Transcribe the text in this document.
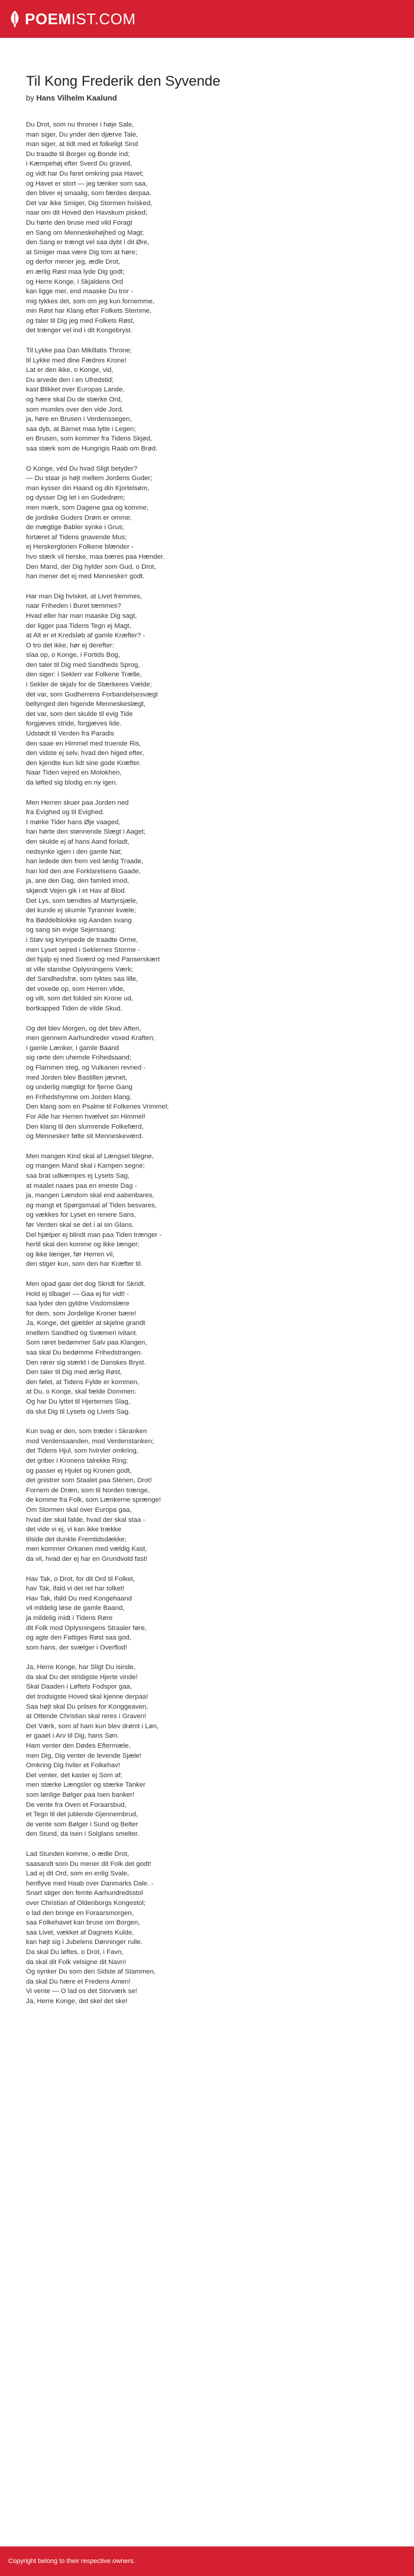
POEMIST.COM
Til Kong Frederik den Syvende

by Hans Vilhelm Kaalund

Du Drot, som nu throner i høje Sale,
man siger, Du ynder den djærve Tale,
man siger, at tidt med et folkeligt Sind
Du traadte til Borger og Bonde ind;
i Kæmpehøj efter Sverd Du graved,
og vidt har Du faret omkring paa Havet;
og Havet er stort — jeg tænker som saa,
den bliver ej smaalig, som færdes derpaa.
Det var ikke Smiger, Dig Stormen hvisked,
naar om dit Hoved den Havskum pisked;
Du hørte den bruse med vild Foragt
en Sang om Menneskehøjhed og Magt;
den Sang er trængt vel saa dybt i dit Øre,
at Smiger maa være Dig tom at høre;
og derfor mener jeg, ædle Drot,
en ærlig Røst maa lyde Dig godt;
og Herre Konge, i Skjaldens Ord
kan ligge mer, end maaske Du tror -
mig tykkes det, som om jeg kun fornemme,
min Røst har Klang efter Folkets Stemme,
og taler til Dig jeg med Folkets Røst,
det trænger vel ind i dit Kongebryst.

Til Lykke paa Dan Mikillatis Throne;
til Lykke med dine Fædres Krone!
Lat er den ikke, o Konge, vid,
Du arvede den i en Ufredstid;
kast Blikket over Europas Lande,
og hære skal Du de stærke Ord,
som mumles over den vide Jord,
ja, høre en Brusen i Verdenssegen,
saa dyb, at Barnet maa lytte i Legen;
en Brusen, som kommer fra Tidens Skjød,
saa stærk som de Hungrigis Raab om Brød.

O Konge, véd Du hvad Sligt betyder?
— Du staar jo højt mellem Jordens Guder;
man kysser din Haand og din Kjortelsøm,
og dysser Dig let i en Gudedrøm;
men mærk, som Dagene gaa og komme,
de jordiske Guders Drøm er omme;
de mægtige Babler synke i Grus;
fortæret af Tidens gnavende Mus;
ej Herskerglorien Folkene blænder -
hvo stærk vil herske, maa bæres paa Hænder.
Den Mand, der Dig hylder som Gud, o Drot,
han mener det ej med Menneskeт godt.

Har man Dig hvisket, at Livet fremmes,
naar Friheden i Buret tæmmes?
Hvad eller har man maaske Dig sagt,
der ligger paa Tidens Tegn ej Magt,
at Alt er et Kredsløb af gamle Kræfter? -
O tro det ikke, hør ej derefter:
slaa op, o Konge, i Fortids Bog,
den taler til Dig med Sandheds Sprog,
den siger: i Seklerr var Folkene Trælle,
i Sekler de skjalv for de Stærkeres Vælde;
det var, som Gudherrens Forbandelsesvægt
beltynged den higende Menneskeslægt,
det var, som den skulde til evig Tide
forgjæves stride, forgjæves lide.
Udstødt til Verden fra Paradis
den saae en Himmel med truende Ris,
den vidste ej selv, hvad den higed efter,
den kjendte kun lidt sine gode Kræfter.
Naar Tiden vejred en Molokhen,
da løfted sig blodig en ny igen.

Men Herren skuer paa Jorden ned
fra Evighed og til Evighed.
I mørke Tider hans Øje vaaged,
han hørte den stønnende Slægt i Aaget;
den skulde ej af hans Aand forladt,
nedsynke igjen i den gamle Nat;
han ledede den frem ved lønlig Traade,
han lod den ane Forklarelsens Gaade,
ja, ane den Dag, den famled imod,
skjøndt Vejen gik i et Hav af Blod.
Det Lys, som tændtes af Martyrsjæle,
det kunde ej skumle Tyranner kvæle;
fra Bøddelblokke sig Aanden svang
og sang sin evige Sejerssang;
i Støv sig krympede de traadte Orme,
men Lyset sejred i Seklernes Storme -
det hjalp ej med Sværd og med Panserskært
at ville standse Oplysningens Værk;
det Sandhedsfrø, som tyktes saa lille,
det voxede op, som Herren vilde,
og vilt, som det folded sin Krone ud,
bortkapped Tiden de vilde Skud.

Og det blev Morgen, og det blev Aften,
men gjennem Aarhundreder voxed Kraften;
i gamle Lænker, i gamle Baand
sig rørte den uhemde Frihedsaand;
og Flammen steg, og Vulkanen revned -
med Jorden blev Bastillen jævnet,
og underlig mægtigt for fjerne Gang
en Frihedshymne om Jorden klang.
Den klang som en Psalme til Folkenes Vrimmel;
For Alle har Herren hvælvet sin Himmel!
Den klang til den slumrende Folkefærd,
og Menneskeт følte sit Menneskeværd.

Men mangen Kind skal af Længsel blegne,
og mangen Mand skal i Kampen segne;
saa brat udkæmpes ej Lysets Sag,
at maalet naaes paa en eneste Dag -
ja, mangen Lændom skal end aabenbares,
og mangt et Spørgsmaal af Tiden besvares,
og vækkes for Lyset en renere Sans,
før Verden skal se det i al sin Glans.
Del hjælper ej blindt man paa Tiden trænger -
hertil skal den komme og ikke længer;
og ikke længer, før Herren vil,
den stiger kun, som den har Kræfter til.

Men opad gaar det dog Skridt for Skridt.
Hold ej tilbage! — Gaa ej for vidt! -
saa lyder den gyldne Visdomslære
for dem, som Jordelige Kroner bære!
Ja, Konge, det gjælder at skjelne grandt
imellem Sandhed og Svæmeri ivitant.
Som røret bedømmer Salv paa Klangen,
saa skal Du bedømme Frihedstrangen.
Den rører sig stærkt i de Danskes Bryst.
Den taler til Dig med ærlig Røst,
den følet, at Tidens Fylde er kommen,
at Du, o Konge, skal fælde Dommen.
Og har Du lyttet til Hjerternes Slag,
da slut Dig til Lysets og Livets Sag.

Kun svag er den, som træder i Skranken
mod Verdensaanden, mod Verdenstanken;
det Tidens Hjul, som hvirvler omkring,
det griber i Kronens talrekke Ring;
og passer ej Hjulet og Kronen godt,
det gnistrer som Staalet paa Stenen, Drot!
Fornem de Dræn, som til Norden trænge,
de komme fra Folk, som Lænkerne sprænge!
Om Stormen skal over Europa gaa,
hvad der skal falde, hvad der skal staa -
det vide vi ej, vi kan ikke trække
tilside det dunkle Fremtidsdække;
men kommer Orkanen med vældig Kast,
da vil, hvad der ej har en Grundvold fast!

Hav Tak, o Drot, for dit Ord til Folket,
hav Tak, ifald vi det ret har tolket!
Hav Tak, ifald Du med Kongehaand
vil mildelig løse de gamle Baand,
ja mildelig midt i Tidens Røre
dit Folk mod Oplysningens Straaler føre,
og agte den Fattiges Røst saa god,
som hans, der svælger i Overflod!

Ja, Herre Konge, har Sligt Du isinde,
da skal Du det stridigste Hjerte vinde!
Skal Daaden i Løftets Fodspor gaa,
det trodsigste Hoved skal kjenne derpaa!
Saa højt skal Du priises for Konggeaven,
at Ottende Christian skal reres i Graven!
Det Værk, som af ham kun blev drømt i Løn,
er gaaet i Arv til Dig, hans Søn.
Ham venter den Dødes Eftermæle,
men Dig, Dig venter de levende Sjæle!
Omkring Dig hviler et Folkehav!
Det venter, det kaster ej Som af;
men stærke Længsler og stærke Tanker
som lønlige Bølger paa Isen banker!
De vente fra Oven et Foraarsbud,
et Tegn til det jublende Gjennembrud,
de vente som Bølger i Sund og Belter
den Stund, da Isen i Solglans smelter.

Lad Stunden komme, o ædle Drot,
saasandt som Du mener dit Folk det godt!
Lad ej dit Ord, som en enlig Svale,
henflyve med Haab over Danmarks Dale. -
Snart stiger den femte Aarhundredsstol
over Christian af Oldenborgs Kongestol;
o lad den bringe en Foraarsmorgen,
saa Folkehavet kan bruse om Borgen,
saa Livet, vækket af Dagnets Kulde,
kan højt sig i Jubelens Dønninger rulle.
Da skal Du løftes, o Drot, i Favn,
da skal dit Folk velsigne dit Navn!
Og synker Du som den Sidste af Stammen,
da skal Du hære et Fredens Amen!
Vi vente — O lad os det Storværk se!
Ja, Herre Konge, det skel det ske!

Copyright belong to their respective owners.
